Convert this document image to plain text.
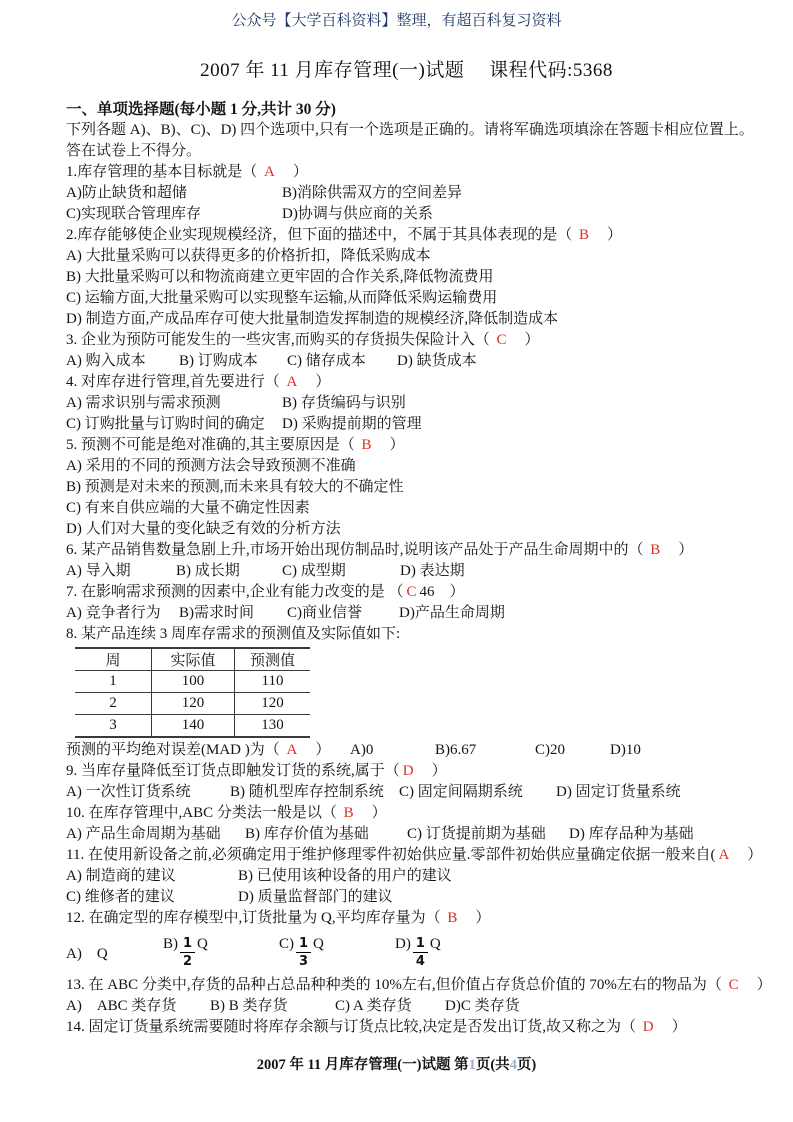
公众号【大学百科资料】整理，有超百科复习资料
2007 年 11 月库存管理(一)试题　 课程代码:5368
一、单项选择题(每小题 1 分,共计 30 分)
下列各题 A)、B)、C)、D) 四个选项中,只有一个选项是正确的。请将军确选项填涂在答题卡相应位置上。
答在试卷上不得分。
1.库存管理的基本目标就是（ A　）
A)防止缺货和超储	B)消除供需双方的空间差异
C)实现联合管理库存	D)协调与供应商的关系
2.库存能够使企业实现规模经济，但下面的描述中，不属于其具体表现的是（ B　）
A) 大批量采购可以获得更多的价格折扣，降低采购成本
B) 大批量采购可以和物流商建立更牢固的合作关系,降低物流费用
C) 运输方面,大批量采购可以实现整车运输,从而降低采购运输费用
D) 制造方面,产成品库存可使大批量制造发挥制造的规模经济,降低制造成本
3. 企业为预防可能发生的一些灾害,而购买的存货损失保险计入（ C　）
A) 购入成本	B) 订购成本	C) 储存成本	D) 缺货成本
4. 对库存进行管理,首先要进行（ A　）
A) 需求识别与需求预测	B) 存货编码与识别
C) 订购批量与订购时间的确定	D) 采购提前期的管理
5. 预测不可能是绝对准确的,其主要原因是（ B　）
A) 采用的不同的预测方法会导致预测不准确
B) 预测是对未来的预测,而未来具有较大的不确定性
C) 有来自供应端的大量不确定性因素
D) 人们对大量的变化缺乏有效的分析方法
6. 某产品销售数量急剧上升,市场开始出现仿制品时,说明该产品处于产品生命周期中的（ B　）
A) 导入期	B) 成长期	C) 成型期	D) 表达期
7. 在影响需求预测的因素中,企业有能力改变的是 （ C 46　）
A) 竞争者行为	B)需求时间	C)商业信誉	D)产品生命周期
8. 某产品连续 3 周库存需求的预测值及实际值如下:
周	实际值	预测值
1	100	110
2	120	120
3	140	130
预测的平均绝对误差(MAD )为（ A　）	A)0	B)6.67	C)20	D)10
9. 当库存量降低至订货点即触发订货的系统,属于（ D　）
A) 一次性订货系统	B) 随机型库存控制系统	C) 固定间隔期系统	D) 固定订货量系统
10. 在库存管理中,ABC 分类法一般是以（ B　）
A) 产品生命周期为基础	B) 库存价值为基础	C) 订货提前期为基础	D) 库存品种为基础
11. 在使用新设备之前,必须确定用于维护修理零件初始供应量.零部件初始供应量确定依据一般来自( A　）
A) 制造商的建议	B) 已使用该种设备的用户的建议
C) 维修者的建议	D) 质量监督部门的建议
12. 在确定型的库存模型中,订货批量为 Q,平均库存量为（ B　）
A)　Q
$B) \frac{1}{2}$ Q	$C) \frac{1}{3}$ Q	$D) \frac{1}{4}$ Q
13. 在 ABC 分类中,存货的品种占总品种种类的 10%左右,但价值占存货总价值的 70%左右的物品为（ C　）
A)　ABC 类存货	B) B 类存货	C) A 类存货	D)C 类存货
14. 固定订货量系统需要随时将库存余额与订货点比较,决定是否发出订货,故又称之为（ D　）
2007 年 11 月库存管理(一)试题 第1页(共4页)
